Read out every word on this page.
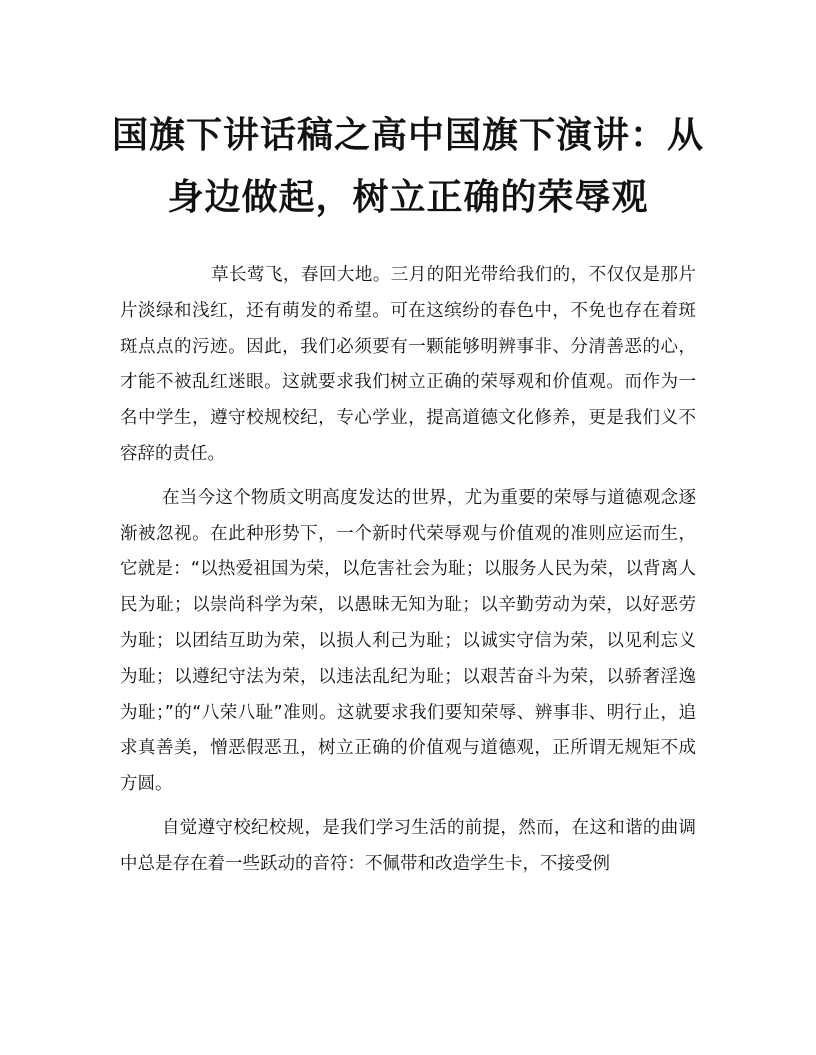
国旗下讲话稿之高中国旗下演讲：从身边做起，树立正确的荣辱观

草长莺飞，春回大地。三月的阳光带给我们的，不仅仅是那片片淡绿和浅红，还有萌发的希望。可在这缤纷的春色中，不免也存在着斑斑点点的污迹。因此，我们必须要有一颗能够明辨事非、分清善恶的心，才能不被乱红迷眼。这就要求我们树立正确的荣辱观和价值观。而作为一名中学生，遵守校规校纪，专心学业，提高道德文化修养，更是我们义不容辞的责任。

在当今这个物质文明高度发达的世界，尤为重要的荣辱与道德观念逐渐被忽视。在此种形势下，一个新时代荣辱观与价值观的准则应运而生，它就是：“以热爱祖国为荣，以危害社会为耻；以服务人民为荣，以背离人民为耻；以崇尚科学为荣，以愚昧无知为耻；以辛勤劳动为荣，以好恶劳为耻；以团结互助为荣，以损人利己为耻；以诚实守信为荣，以见利忘义为耻；以遵纪守法为荣，以违法乱纪为耻；以艰苦奋斗为荣，以骄奢淫逸为耻；”的“八荣八耻”准则。这就要求我们要知荣辱、辨事非、明行止，追求真善美，憎恶假恶丑，树立正确的价值观与道德观，正所谓无规矩不成方圆。

自觉遵守校纪校规，是我们学习生活的前提，然而，在这和谐的曲调中总是存在着一些跃动的音符：不佩带和改造学生卡，不接受例
